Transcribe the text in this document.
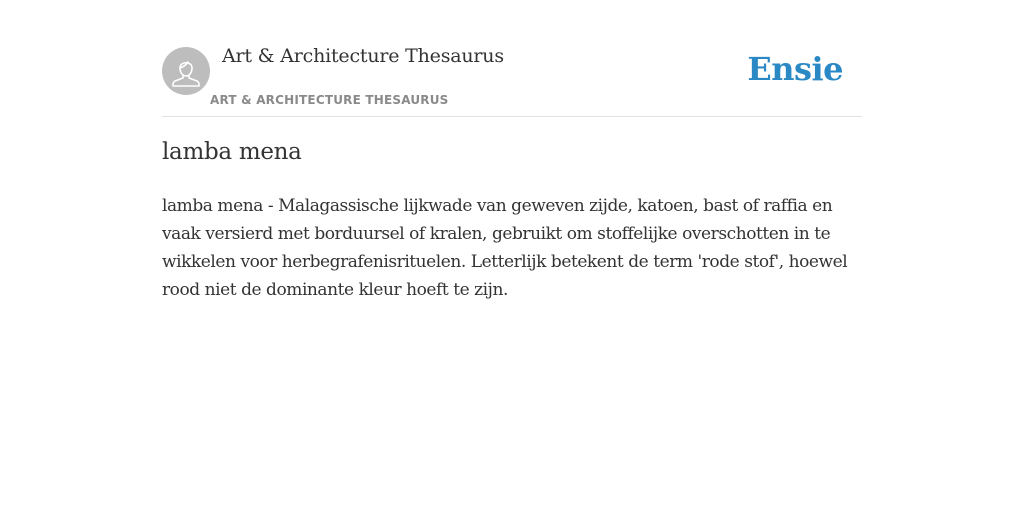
Art & Architecture Thesaurus
ART & ARCHITECTURE THESAURUS
Ensie
lamba mena

lamba mena - Malagassische lijkwade van geweven zijde, katoen, bast of raffia en vaak versierd met borduursel of kralen, gebruikt om stoffelijke overschotten in te wikkelen voor herbegrafenisrituelen. Letterlijk betekent de term 'rode stof', hoewel rood niet de dominante kleur hoeft te zijn.
